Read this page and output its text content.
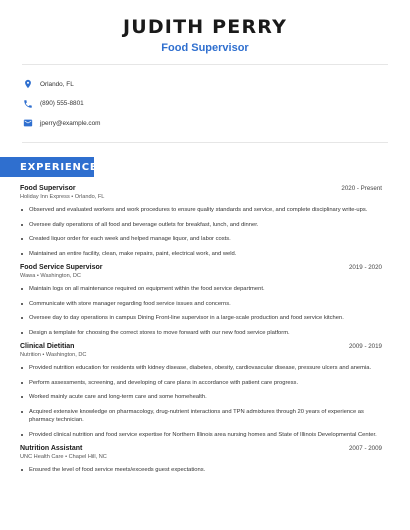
JUDITH PERRY
Food Supervisor
Orlando, FL
(890) 555-8801
jperry@example.com
EXPERIENCE
Food Supervisor	2020 - Present
Holiday Inn Express • Orlando, FL
Observed and evaluated workers and work procedures to ensure quality standards and service, and complete disciplinary write-ups.
Oversee daily operations of all food and beverage outlets for breakfast, lunch, and dinner.
Created liquor order for each week and helped manage liquor, and labor costs.
Maintained an entire facility, clean, make repairs, paint, electrical work, and weld.
Food Service Supervisor	2019 - 2020
Wawa • Washington, DC
Maintain logs on all maintenance required on equipment within the food service department.
Communicate with store manager regarding food service issues and concerns.
Oversee day to day operations in campus Dining Front-line supervisor in a large-scale production and food service kitchen.
Design a template for choosing the correct stores to move forward with our new food service platform.
Clinical Dietitian	2009 - 2019
Nutrition • Washington, DC
Provided nutrition education for residents with kidney disease, diabetes, obesity, cardiovascular disease, pressure ulcers and anemia.
Perform assessments, screening, and developing of care plans in accordance with patient care progress.
Worked mainly acute care and long-term care and some homehealth.
Acquired extensive knowledge on pharmacology, drug-nutrient interactions and TPN admixtures through 20 years of experience as pharmacy technician.
Provided clinical nutrition and food service expertise for Northern Illinois area nursing homes and State of Illinois Developmental Center.
Nutrition Assistant	2007 - 2009
UNC Health Care • Chapel Hill, NC
Ensured the level of food service meets/exceeds guest expectations.
